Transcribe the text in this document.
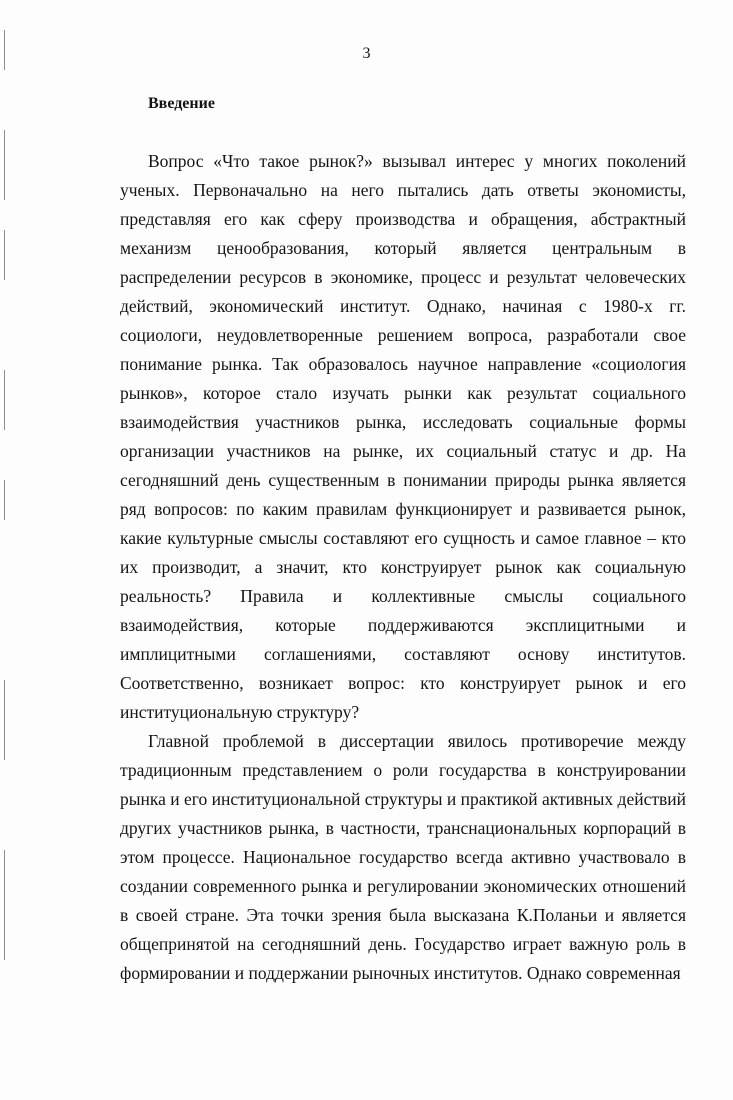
3
Введение

Вопрос «Что такое рынок?» вызывал интерес у многих поколений ученых. Первоначально на него пытались дать ответы экономисты, представляя его как сферу производства и обращения, абстрактный механизм ценообразования, который является центральным в распределении ресурсов в экономике, процесс и результат человеческих действий, экономический институт. Однако, начиная с 1980-х гг. социологи, неудовлетворенные решением вопроса, разработали свое понимание рынка. Так образовалось научное направление «социология рынков», которое стало изучать рынки как результат социального взаимодействия участников рынка, исследовать социальные формы организации участников на рынке, их социальный статус и др. На сегодняшний день существенным в понимании природы рынка является ряд вопросов: по каким правилам функционирует и развивается рынок, какие культурные смыслы составляют его сущность и самое главное – кто их производит, а значит, кто конструирует рынок как социальную реальность? Правила и коллективные смыслы социального взаимодействия, которые поддерживаются эксплицитными и имплицитными соглашениями, составляют основу институтов. Соответственно, возникает вопрос: кто конструирует рынок и его институциональную структуру?

Главной проблемой в диссертации явилось противоречие между традиционным представлением о роли государства в конструировании рынка и его институциональной структуры и практикой активных действий других участников рынка, в частности, транснациональных корпораций в этом процессе. Национальное государство всегда активно участвовало в создании современного рынка и регулировании экономических отношений в своей стране. Эта точки зрения была высказана К.Поланьи и является общепринятой на сегодняшний день. Государство играет важную роль в формировании и поддержании рыночных институтов. Однако современная
